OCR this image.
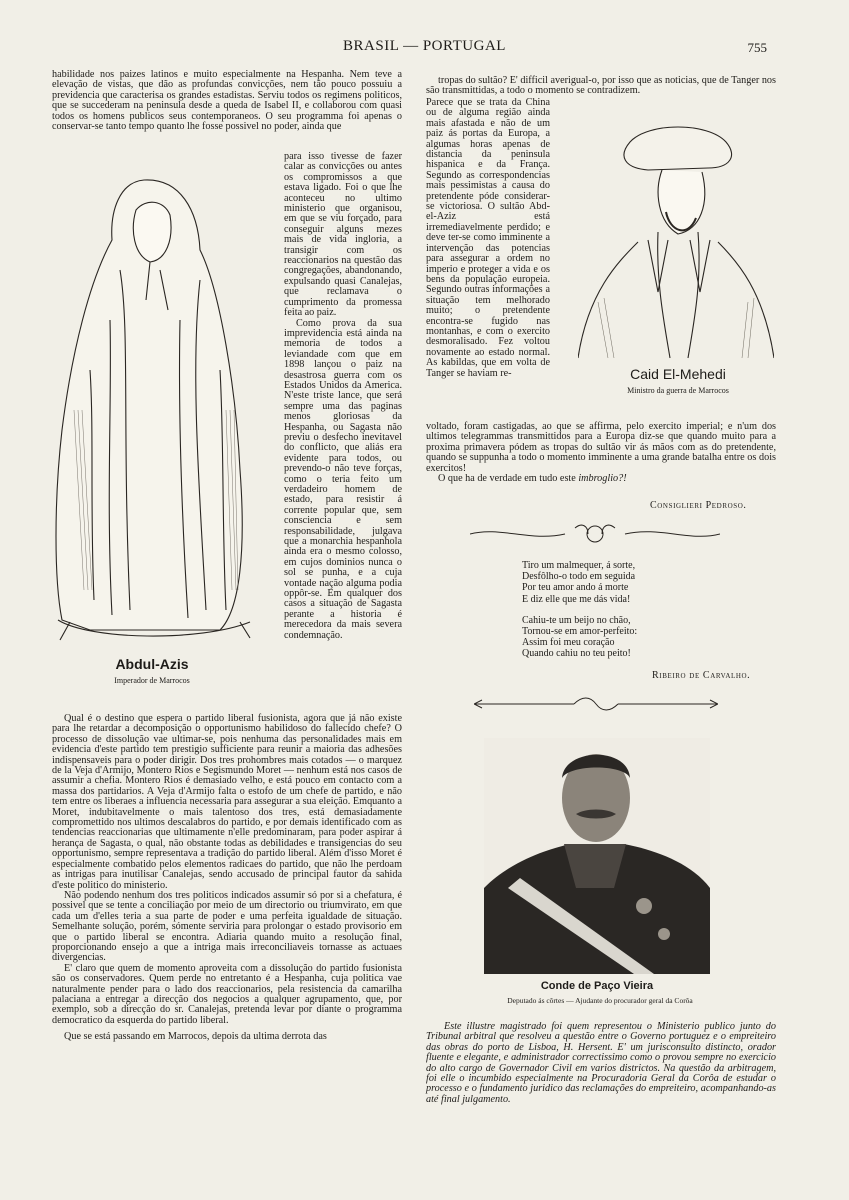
BRASIL — PORTUGAL	755

habilidade nos paizes latinos e muito especialmente na Hespanha. Nem teve a elevação de vistas, que dão as profundas convicções, nem tão pouco possuiu a previdencia que caracterisa os grandes estadistas. Serviu todos os regimens politicos, que se succederam na peninsula desde a queda de Isabel II, e collaborou com quasi todos os homens publicos seus contemporaneos. O seu programma foi apenas o conservar-se tanto tempo quanto lhe fosse possivel no poder, ainda que

Abdul-Azis
Imperador de Marrocos

para isso tivesse de fazer calar as convicções ou antes os compromissos a que estava ligado. Foi o que lhe aconteceu no ultimo ministerio que organisou, em que se viu forçado, para conseguir alguns mezes mais de vida ingloria, a transigir com os reaccionarios na questão das congregações, abandonando, expulsando quasi Canalejas, que reclamava o cumprimento da promessa feita ao paiz.

Como prova da sua imprevidencia está ainda na memoria de todos a leviandade com que em 1898 lançou o paiz na desastrosa guerra com os Estados Unidos da America. N'este triste lance, que será sempre uma das paginas menos gloriosas da Hespanha, ou Sagasta não previu o desfecho inevitavel do conflicto, que aliás era evidente para todos, ou prevendo-o não teve forças, como o teria feito um verdadeiro homem de estado, para resistir á corrente popular que, sem consciencia e sem responsabilidade, julgava que a monarchia hespanhola ainda era o mesmo colosso, em cujos dominios nunca o sol se punha, e a cuja vontade nação alguma podia oppôr-se. Em qualquer dos casos a situação de Sagasta perante a historia é merecedora da mais severa condemnação.

Qual é o destino que espera o partido liberal fusionista, agora que já não existe para lhe retardar a decomposição o opportunismo habilidoso do fallecido chefe? O processo de dissolução vae ultimar-se, pois nenhuma das personalidades mais em evidencia d'este partido tem prestigio sufficiente para reunir a maioria das adhesões indispensaveis para o poder dirigir. Dos tres prohombres mais cotados — o marquez de la Veja d'Armijo, Montero Rios e Segismundo Moret — nenhum está nos casos de assumir a chefia. Montero Rios é demasiado velho, e está pouco em contacto com a massa dos partidarios. A Veja d'Armijo falta o estofo de um chefe de partido, e não tem entre os liberaes a influencia necessaria para assegurar a sua eleição. Emquanto a Moret, indubitavelmente o mais talentoso dos tres, está demasiadamente compromettido nos ultimos descalabros do partido, e por demais identificado com as tendencias reaccionarias que ultimamente n'elle predominaram, para poder aspirar á herança de Sagasta, o qual, não obstante todas as debilidades e transigencias do seu opportunismo, sempre representava a tradição do partido liberal. Além d'isso Moret é especialmente combatido pelos elementos radicaes do partido, que não lhe perdoam as intrigas para inutilisar Canalejas, sendo accusado de principal fautor da sahida d'este politico do ministerio.

Não podendo nenhum dos tres politicos indicados assumir só por si a chefatura, é possivel que se tente a conciliação por meio de um directorio ou triumvirato, em que cada um d'elles teria a sua parte de poder e uma perfeita igualdade de situação. Semelhante solução, porém, sómente serviria para prolongar o estado provisorio em que o partido liberal se encontra. Adiaria quando muito a resolução final, proporcionando ensejo a que a intriga mais irreconciliaveis tornasse as actuaes divergencias.

E' claro que quem de momento aproveita com a dissolução do partido fusionista são os conservadores. Quem perde no entretanto é a Hespanha, cuja politica vae naturalmente pender para o lado dos reaccionarios, pela resistencia da camarilha palaciana a entregar a direcção dos negocios a qualquer agrupamento, que, por exemplo, sob a direcção do sr. Canalejas, pretenda levar por diante o programma democratico da esquerda do partido liberal.

Que se está passando em Marrocos, depois da ultima derrota das

tropas do sultão? E' difficil averigual-o, por isso que as noticias, que de Tanger nos são transmittidas, a todo o momento se contradizem.

Parece que se trata da China ou de alguma região ainda mais afastada e não de um paiz ás portas da Europa, a algumas horas apenas de distancia da peninsula hispanica e da França. Segundo as correspondencias mais pessimistas a causa do pretendente póde considerar-se victoriosa. O sultão Abd-el-Aziz está irremediavelmente perdido; e deve ter-se como imminente a intervenção das potencias para assegurar a ordem no imperio e proteger a vida e os bens da população europeia. Segundo outras informações a situação tem melhorado muito; o pretendente encontra-se fugido nas montanhas, e com o exercito desmoralisado. Fez voltou novamente ao estado normal. As kabildas, que em volta de Tanger se haviam re-	Caid El-Mehedi
Ministro da guerra de Marrocos

voltado, foram castigadas, ao que se affirma, pelo exercito imperial; e n'um dos ultimos telegrammas transmittidos para a Europa diz-se que quando muito para a proxima primavera pódem as tropas do sultão vir ás mãos com as do pretendente, quando se suppunha a todo o momento imminente a uma grande batalha entre os dois exercitos!

O que ha de verdade em tudo este imbroglio?!

Consiglieri Pedroso.
Tiro um malmequer, á sorte,
Desfôlho-o todo em seguida
Por teu amor ando á morte
E diz elle que me dás vida!
Cahiu-te um beijo no chão,
Tornou-se em amor-perfeito:
Assim foi meu coração
Quando cahiu no teu peito!
Ribeiro de Carvalho.
Conde de Paço Vieira
Deputado ás côrtes — Ajudante do procurador geral da Corôa

Este illustre magistrado foi quem representou o Ministerio publico junto do Tribunal arbitral que resolveu a questão entre o Governo portuguez e o empreiteiro das obras do porto de Lisboa, H. Hersent. E' um jurisconsulto distincto, orador fluente e elegante, e administrador correctissimo como o provou sempre no exercicio do alto cargo de Governador Civil em varios districtos. Na questão da arbitragem, foi elle o incumbido especialmente na Procuradoria Geral da Corôa de estudar o processo e o fundamento juridico das reclamações do empreiteiro, acompanhando-as até final julgamento.
